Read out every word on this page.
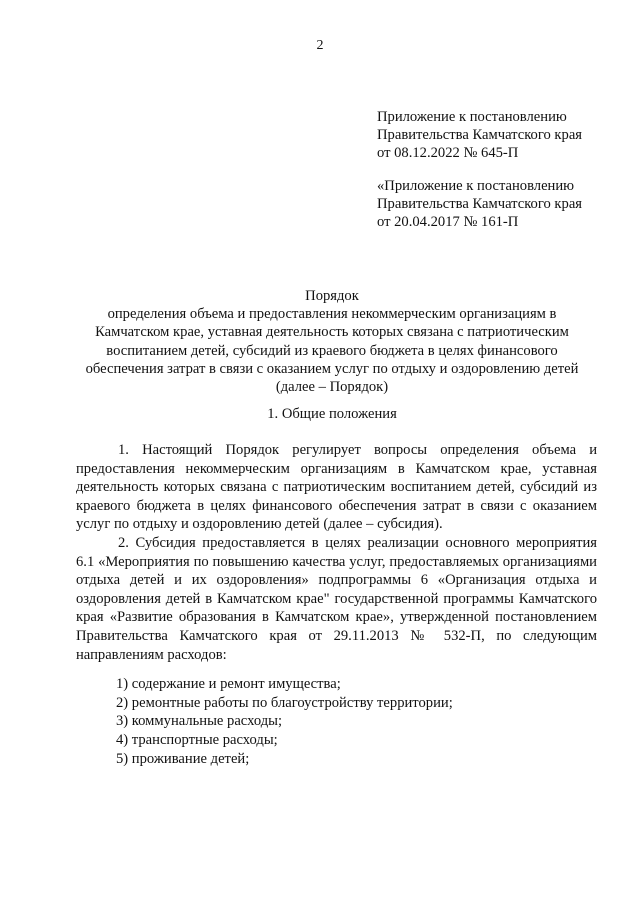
2
Приложение к постановлению
Правительства Камчатского края
от 08.12.2022 № 645-П
«Приложение к постановлению
Правительства Камчатского края
от 20.04.2017 № 161-П
Порядок
определения объема и предоставления некоммерческим организациям в
Камчатском крае, уставная деятельность которых связана с патриотическим
воспитанием детей, субсидий из краевого бюджета в целях финансового
обеспечения затрат в связи с оказанием услуг по отдыху и оздоровлению детей
(далее – Порядок)
1. Общие положения

1. Настоящий Порядок регулирует вопросы определения объема и предоставления некоммерческим организациям в Камчатском крае, уставная деятельность которых связана с патриотическим воспитанием детей, субсидий из краевого бюджета в целях финансового обеспечения затрат в связи с оказанием услуг по отдыху и оздоровлению детей (далее – субсидия).

2. Субсидия предоставляется в целях реализации основного мероприятия 6.1 «Мероприятия по повышению качества услуг, предоставляемых организациями отдыха детей и их оздоровления» подпрограммы 6 «Организация отдыха и оздоровления детей в Камчатском крае" государственной программы Камчатского края «Развитие образования в Камчатском крае», утвержденной постановлением Правительства Камчатского края от 29.11.2013 № 532-П, по следующим направлениям расходов:

1) содержание и ремонт имущества;
2) ремонтные работы по благоустройству территории;
3) коммунальные расходы;
4) транспортные расходы;
5) проживание детей;
